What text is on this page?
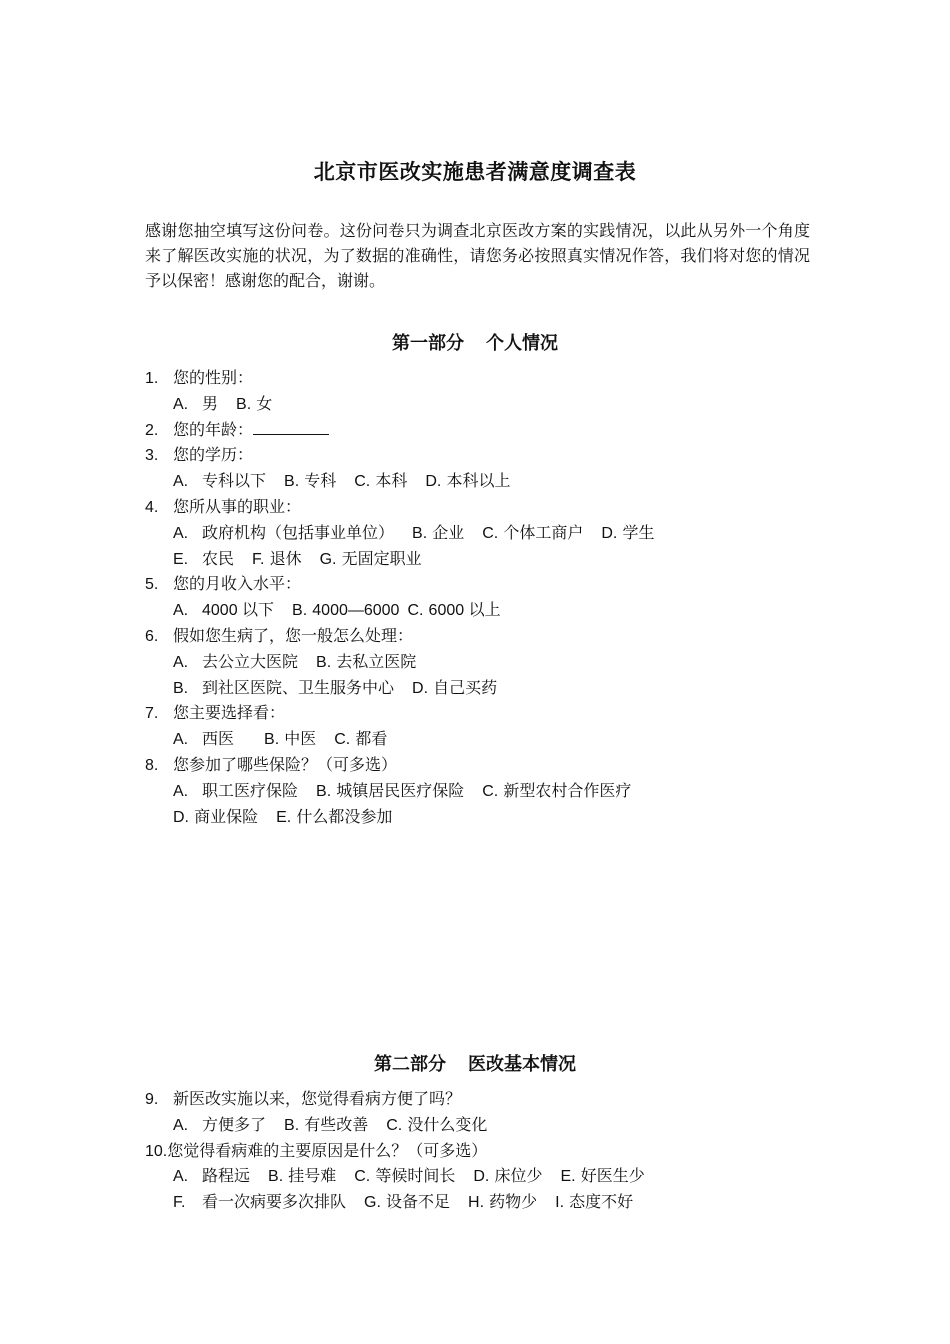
北京市医改实施患者满意度调查表
感谢您抽空填写这份问卷。这份问卷只为调查北京医改方案的实践情况，以此从另外一个角度来了解医改实施的状况，为了数据的准确性，请您务必按照真实情况作答，我们将对您的情况予以保密！感谢您的配合，谢谢。
第一部分 个人情况
1. 您的性别：
A. 男 B. 女
2. 您的年龄：
3. 您的学历：
A. 专科以下 B. 专科 C. 本科 D. 本科以上
4. 您所从事的职业：
A. 政府机构（包括事业单位） B. 企业 C. 个体工商户 D. 学生
E. 农民 F. 退休 G. 无固定职业
5. 您的月收入水平：
A. 4000 以下 B. 4000—6000 C. 6000 以上
6. 假如您生病了，您一般怎么处理：
A. 去公立大医院 B. 去私立医院
B. 到社区医院、卫生服务中心 D. 自己买药
7. 您主要选择看：
A. 西医 B. 中医 C. 都看
8. 您参加了哪些保险？（可多选）
A. 职工医疗保险 B. 城镇居民医疗保险 C. 新型农村合作医疗
D. 商业保险 E. 什么都没参加
第二部分 医改基本情况
9. 新医改实施以来，您觉得看病方便了吗？
A. 方便多了 B. 有些改善 C. 没什么变化
10.您觉得看病难的主要原因是什么？（可多选）
A. 路程远 B. 挂号难 C. 等候时间长 D. 床位少 E. 好医生少
F. 看一次病要多次排队 G. 设备不足 H. 药物少 I. 态度不好
